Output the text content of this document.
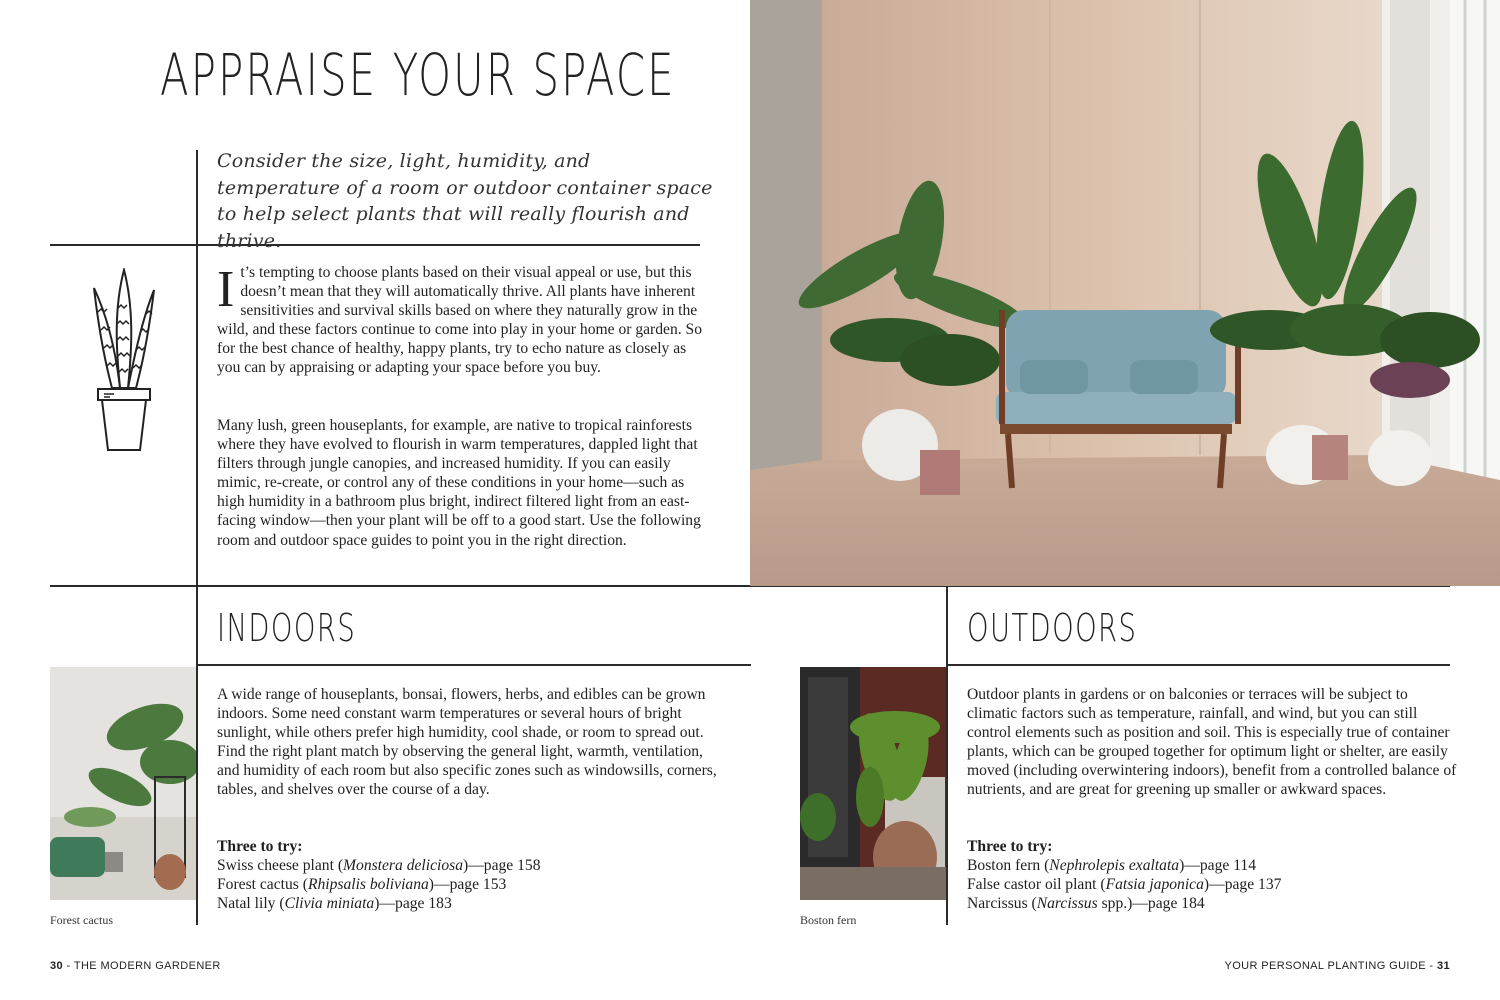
APPRAISE YOUR SPACE

Consider the size, light, humidity, and temperature of a room or outdoor container space to help select plants that will really flourish and thrive.

I t’s tempting to choose plants based on their visual appeal or use, but this doesn’t mean that they will automatically thrive. All plants have inherent sensitivities and survival skills based on where they naturally grow in the wild, and these factors continue to come into play in your home or garden. So for the best chance of healthy, happy plants, try to echo nature as closely as you can by appraising or adapting your space before you buy.

Many lush, green houseplants, for example, are native to tropical rainforests where they have evolved to flourish in warm temperatures, dappled light that filters through jungle canopies, and increased humidity. If you can easily mimic, re-create, or control any of these conditions in your home—such as high humidity in a bathroom plus bright, indirect filtered light from an east-facing window—then your plant will be off to a good start. Use the following room and outdoor space guides to point you in the right direction.

INDOORS	OUTDOORS

A wide range of houseplants, bonsai, flowers, herbs, and edibles can be grown indoors. Some need constant warm temperatures or several hours of bright sunlight, while others prefer high humidity, cool shade, or room to spread out. Find the right plant match by observing the general light, warmth, ventilation, and humidity of each room but also specific zones such as windowsills, corners, tables, and shelves over the course of a day.

Outdoor plants in gardens or on balconies or terraces will be subject to climatic factors such as temperature, rainfall, and wind, but you can still control elements such as position and soil. This is especially true of container plants, which can be grouped together for optimum light or shelter, are easily moved (including overwintering indoors), benefit from a controlled balance of nutrients, and are great for greening up smaller or awkward spaces.

Three to try:
Swiss cheese plant (Monstera deliciosa)—page 158
Forest cactus (Rhipsalis boliviana)—page 153
Natal lily (Clivia miniata)—page 183
Three to try:
Boston fern (Nephrolepis exaltata)—page 114
False castor oil plant (Fatsia japonica)—page 137
Narcissus (Narcissus spp.)—page 184
Forest cactus	Boston fern
30 - THE MODERN GARDENER	YOUR PERSONAL PLANTING GUIDE - 31
